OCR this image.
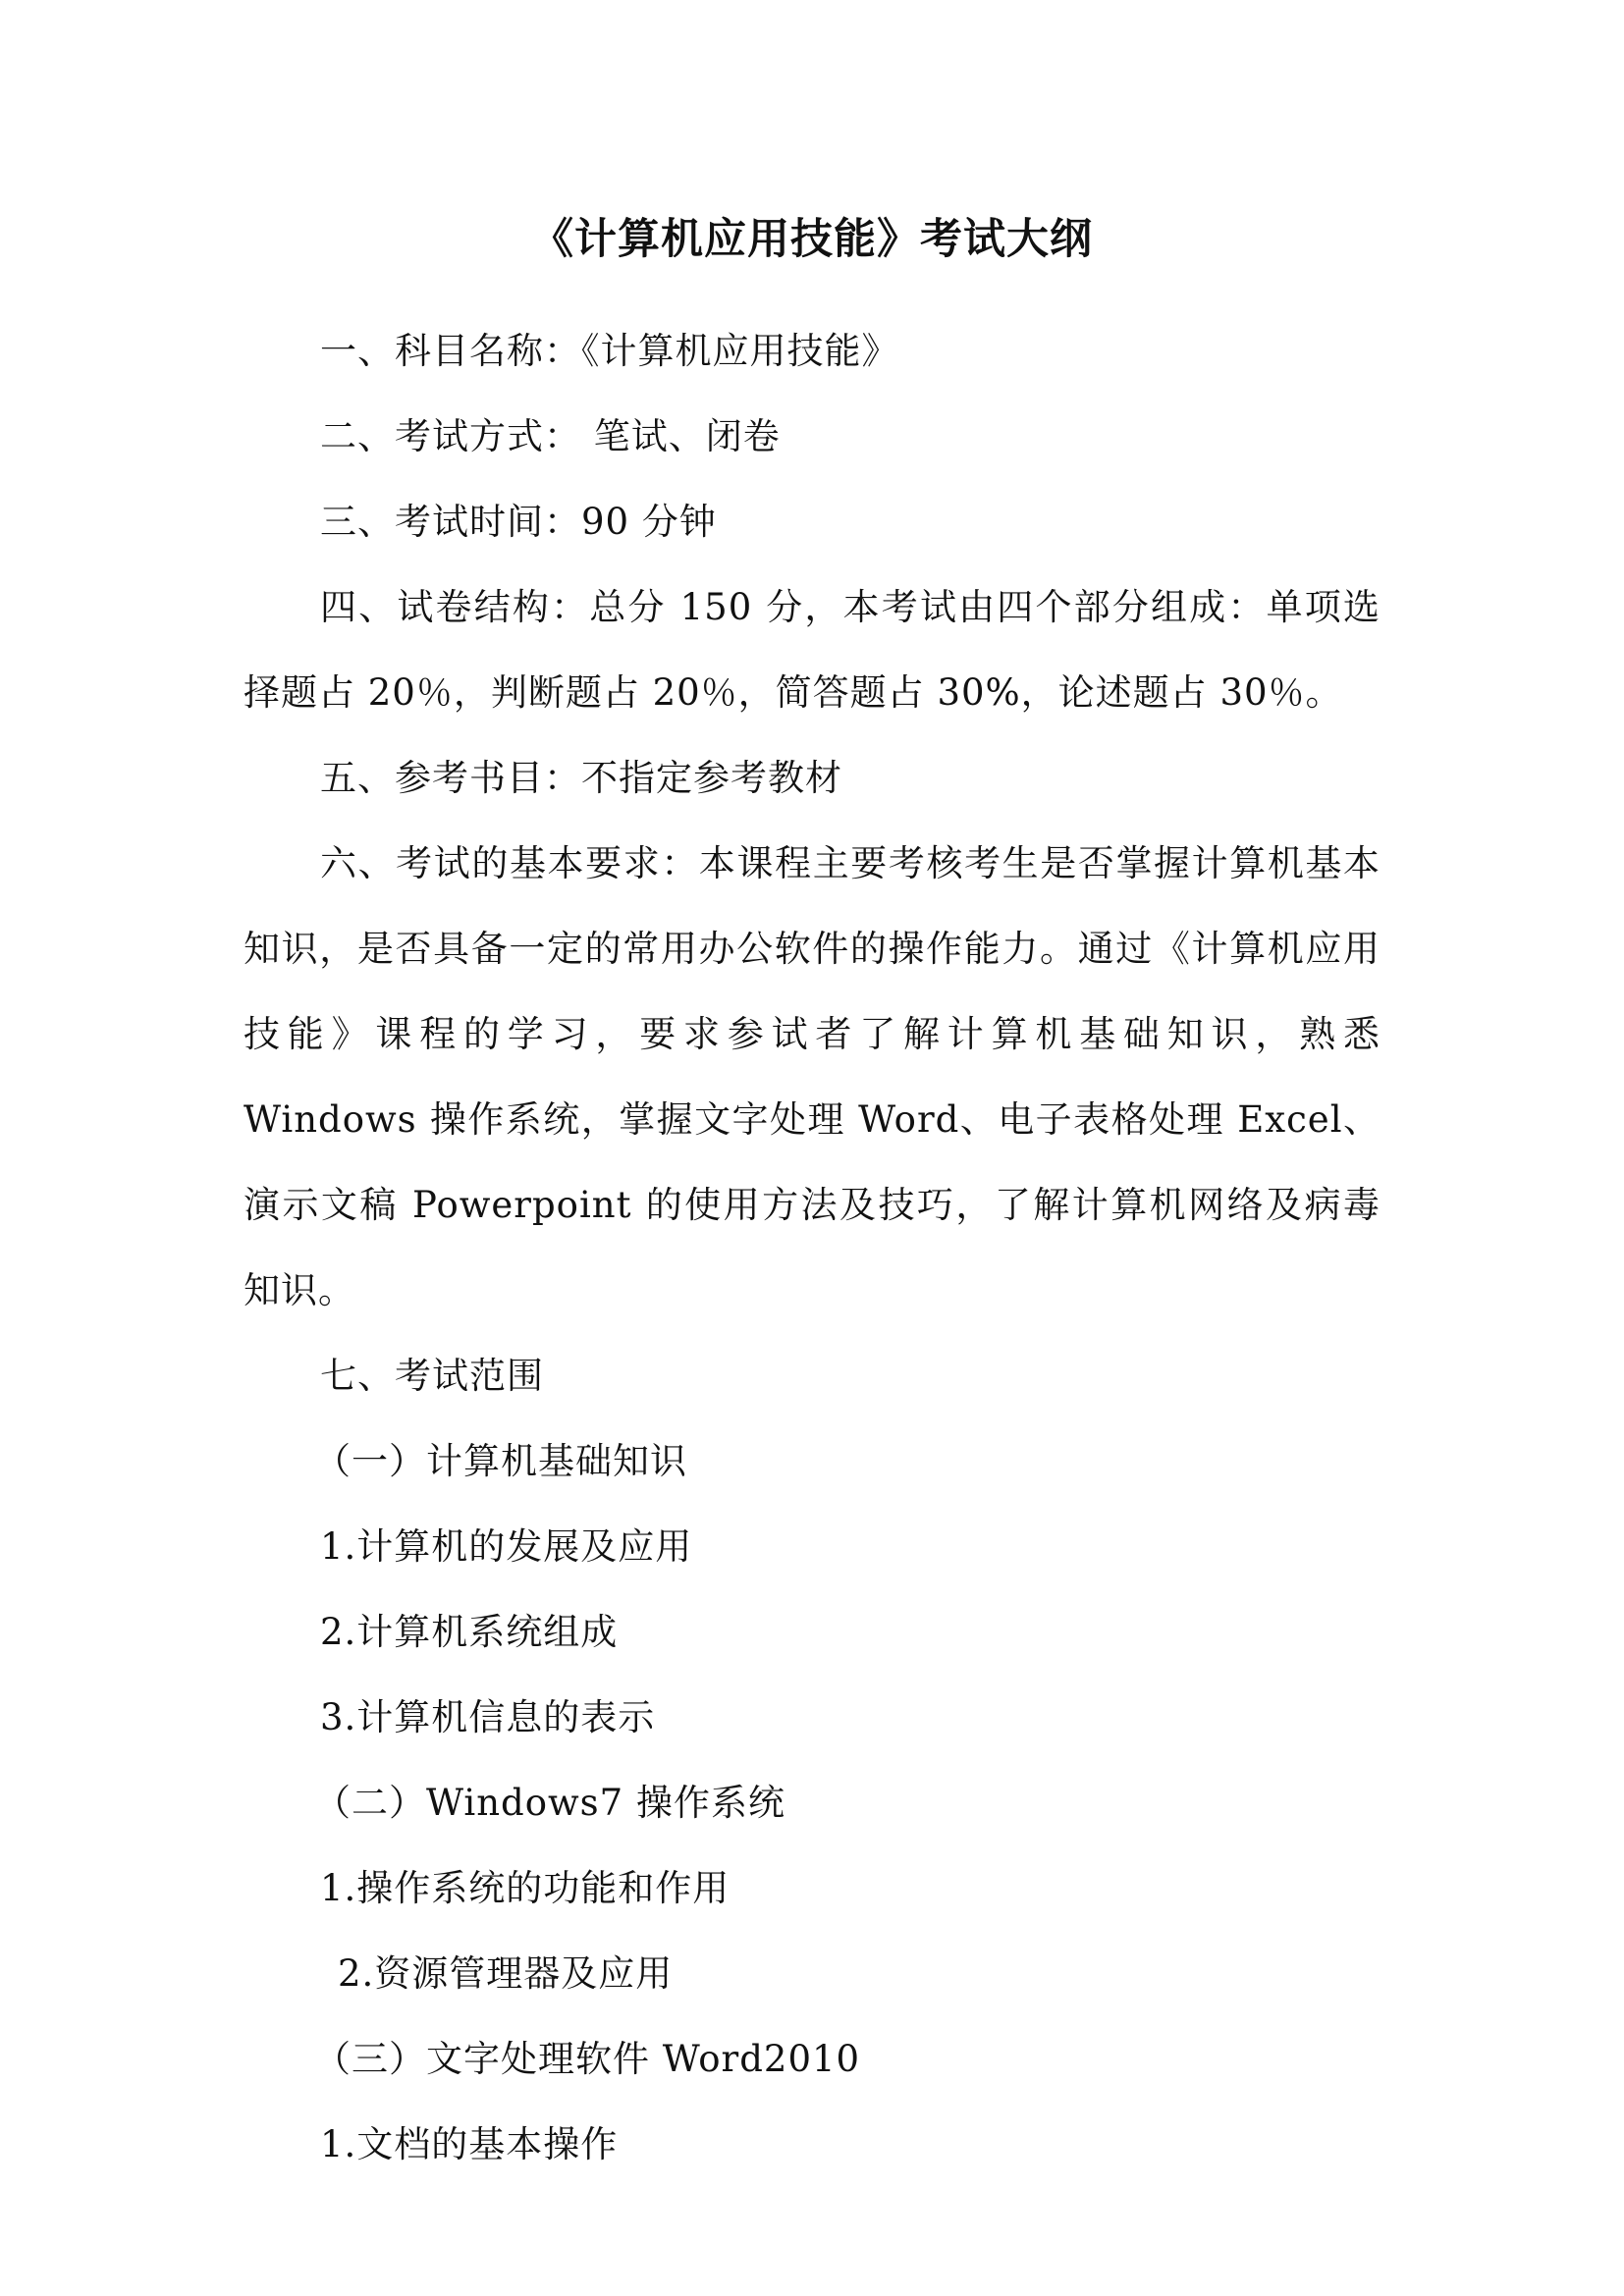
《计算机应用技能》考试大纲

一、科目名称：《计算机应用技能》

二、考试方式： 笔试、闭卷

三、考试时间：90 分钟

四、试卷结构：总分 150 分，本考试由四个部分组成：单项选择题占 20％，判断题占 20％，简答题占 30%，论述题占 30％。

五、参考书目：不指定参考教材

六、考试的基本要求：本课程主要考核考生是否掌握计算机基本知识，是否具备一定的常用办公软件的操作能力。通过《计算机应用技能》课程的学习，要求参试者了解计算机基础知识，熟悉 Windows 操作系统，掌握文字处理 Word、电子表格处理 Excel、演示文稿 Powerpoint 的使用方法及技巧，了解计算机网络及病毒知识。

七、考试范围

（一）计算机基础知识

1.计算机的发展及应用

2.计算机系统组成

3.计算机信息的表示

（二）Windows7 操作系统

1.操作系统的功能和作用

2.资源管理器及应用

（三）文字处理软件 Word2010

1.文档的基本操作
